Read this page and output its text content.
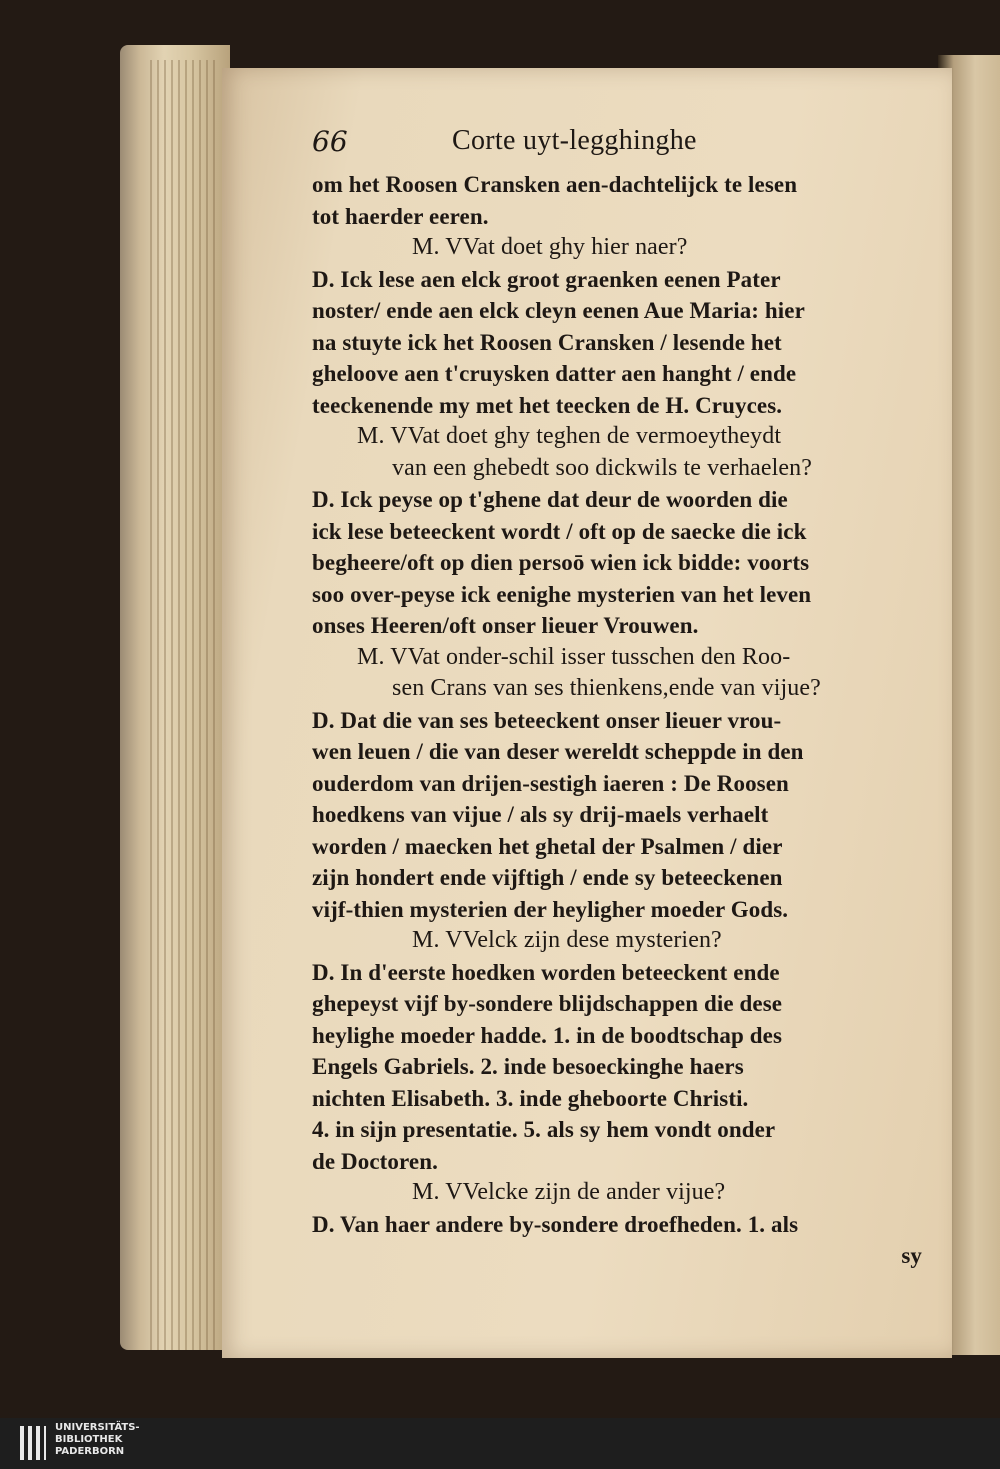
66	Corte uyt-legghinghe
om het Roosen Cransken aen-dachtelijck te lesen
tot haerder eeren.
M. VVat doet ghy hier naer?
D. Ick lese aen elck groot graenken eenen Pater
noster/ ende aen elck cleyn eenen Aue Maria: hier
na stuyte ick het Roosen Cransken / lesende het
gheloove aen t'cruysken datter aen hanght / ende
teeckenende my met het teecken de H. Cruyces.
M. VVat doet ghy teghen de vermoeytheydt
van een ghebedt soo dickwils te verhaelen?
D. Ick peyse op t'ghene dat deur de woorden die
ick lese beteeckent wordt / oft op de saecke die ick
begheere/oft op dien persoō wien ick bidde: voorts
soo over-peyse ick eenighe mysterien van het leven
onses Heeren/oft onser lieuer Vrouwen.
M. VVat onder-schil isser tusschen den Roo-
sen Crans van ses thienkens,ende van vijue?
D. Dat die van ses beteeckent onser lieuer vrou-
wen leuen / die van deser wereldt scheppde in den
ouderdom van drijen-sestigh iaeren : De Roosen
hoedkens van vijue / als sy drij-maels verhaelt
worden / maecken het ghetal der Psalmen / dier
zijn hondert ende vijftigh / ende sy beteeckenen
vijf-thien mysterien der heyligher moeder Gods.
M. VVelck zijn dese mysterien?
D. In d'eerste hoedken worden beteeckent ende
ghepeyst vijf by-sondere blijdschappen die dese
heylighe moeder hadde. 1. in de boodtschap des
Engels Gabriels. 2. inde besoeckinghe haers
nichten Elisabeth. 3. inde gheboorte Christi.
4. in sijn presentatie. 5. als sy hem vondt onder
de Doctoren.
M. VVelcke zijn de ander vijue?
D. Van haer andere by-sondere droefheden. 1. als
sy
UNIVERSITÄTS-
BIBLIOTHEK
PADERBORN
